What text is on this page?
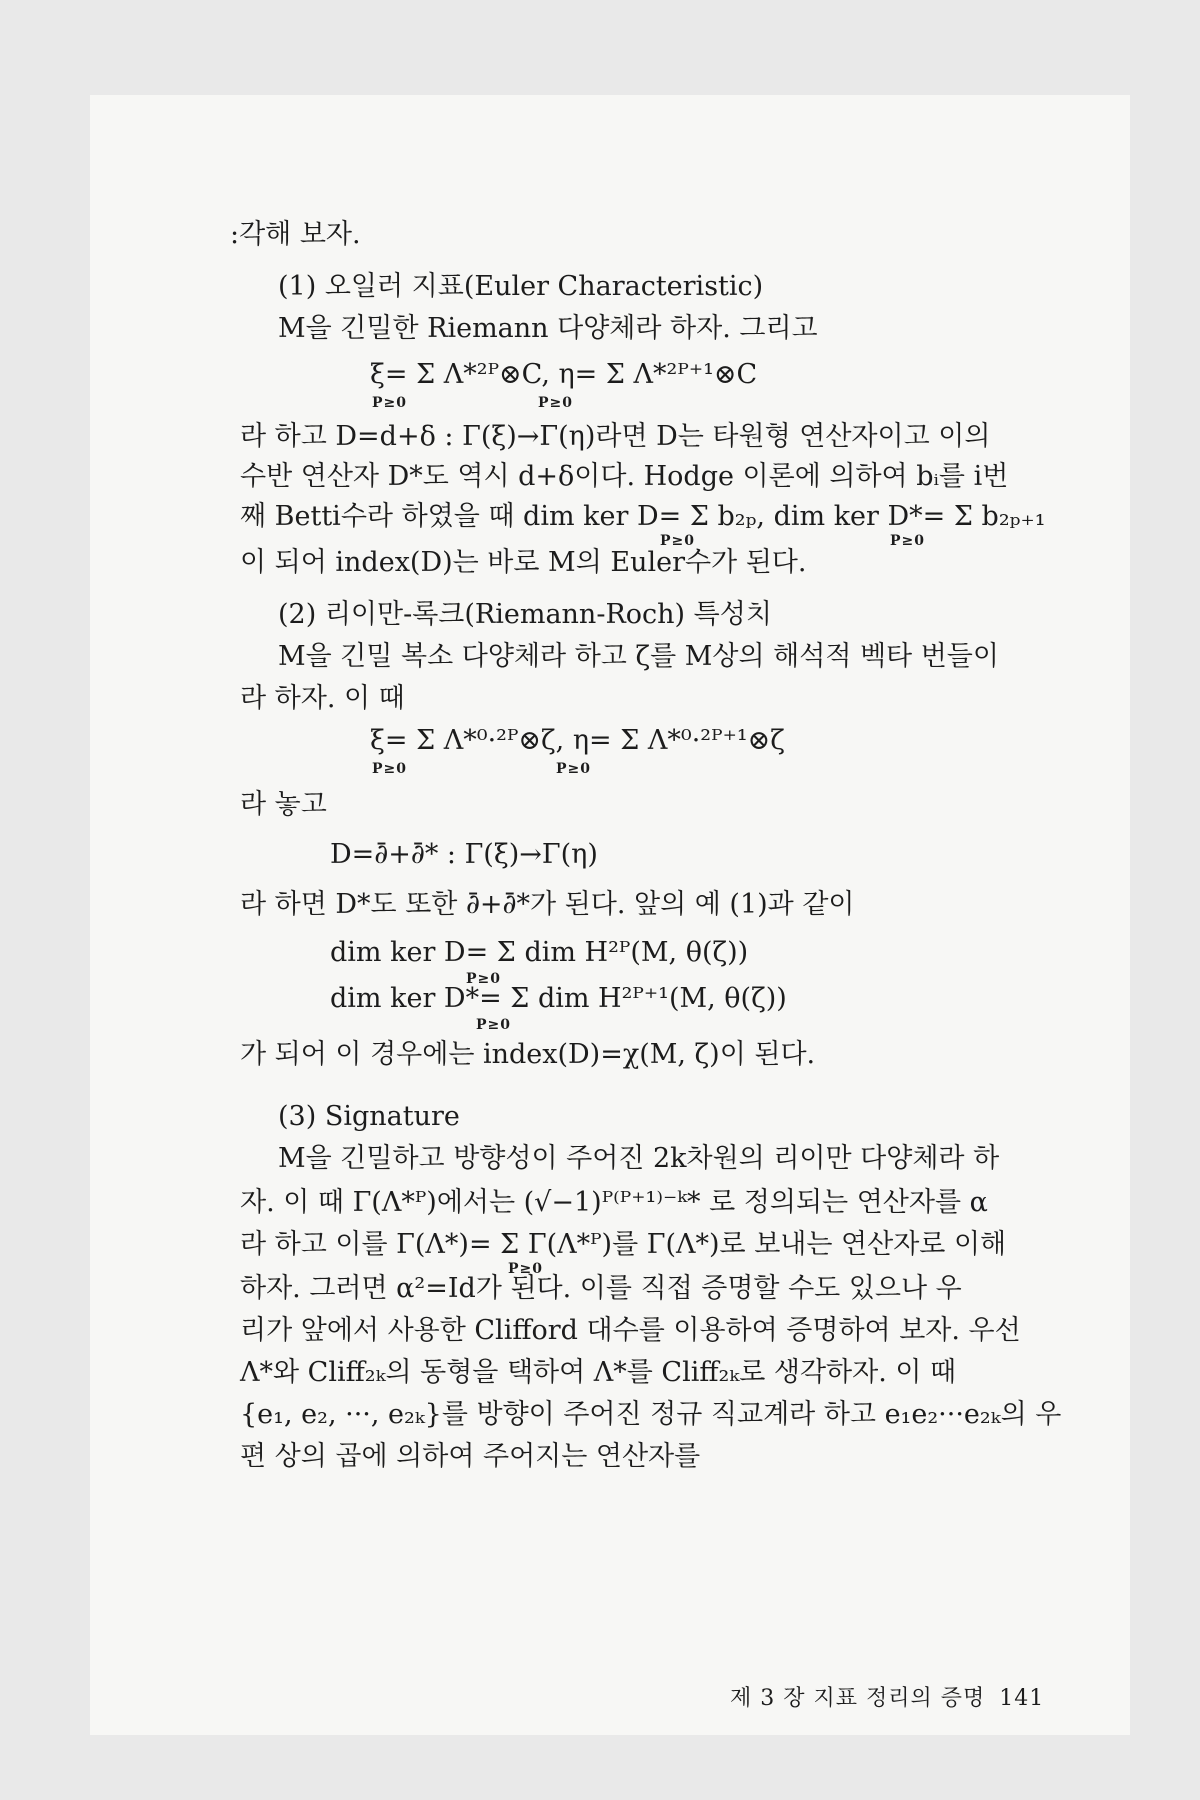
:각해 보자.
(1) 오일러 지표(Euler Characteristic)
M을 긴밀한 Riemann 다양체라 하자. 그리고
ξ= Σ Λ*²ᴾ⊗C, η= Σ Λ*²ᴾ⁺¹⊗C
P≥0	P≥0
라 하고 D=d+δ : Γ(ξ)→Γ(η)라면 D는 타원형 연산자이고 이의
수반 연산자 D*도 역시 d+δ이다. Hodge 이론에 의하여 bᵢ를 i번
째 Betti수라 하였을 때 dim ker D= Σ b₂ₚ, dim ker D*= Σ b₂ₚ₊₁
P≥0	P≥0
이 되어 index(D)는 바로 M의 Euler수가 된다.
(2) 리이만-록크(Riemann-Roch) 특성치
M을 긴밀 복소 다양체라 하고 ζ를 M상의 해석적 벡타 번들이
라 하자. 이 때
ξ= Σ Λ*⁰·²ᴾ⊗ζ, η= Σ Λ*⁰·²ᴾ⁺¹⊗ζ
P≥0	P≥0
라 놓고
D=∂̄+∂̄* : Γ(ξ)→Γ(η)
라 하면 D*도 또한 ∂̄+∂̄*가 된다. 앞의 예 (1)과 같이
dim ker D= Σ dim H²ᴾ(M, θ(ζ))
P≥0
dim ker D*= Σ dim H²ᴾ⁺¹(M, θ(ζ))
P≥0
가 되어 이 경우에는 index(D)=χ(M, ζ)이 된다.
(3) Signature
M을 긴밀하고 방향성이 주어진 2k차원의 리이만 다양체라 하
자. 이 때 Γ(Λ*ᴾ)에서는 (√−1)ᴾ⁽ᴾ⁺¹⁾⁻ᵏ* 로 정의되는 연산자를 α
라 하고 이를 Γ(Λ*)= Σ Γ(Λ*ᴾ)를 Γ(Λ*)로 보내는 연산자로 이해
P≥0
하자. 그러면 α²=Id가 된다. 이를 직접 증명할 수도 있으나 우
리가 앞에서 사용한 Clifford 대수를 이용하여 증명하여 보자. 우선
Λ*와 Cliff₂ₖ의 동형을 택하여 Λ*를 Cliff₂ₖ로 생각하자. 이 때
{e₁, e₂, ···, e₂ₖ}를 방향이 주어진 정규 직교계라 하고 e₁e₂···e₂ₖ의 우
편 상의 곱에 의하여 주어지는 연산자를
제 3 장 지표 정리의 증명 141
